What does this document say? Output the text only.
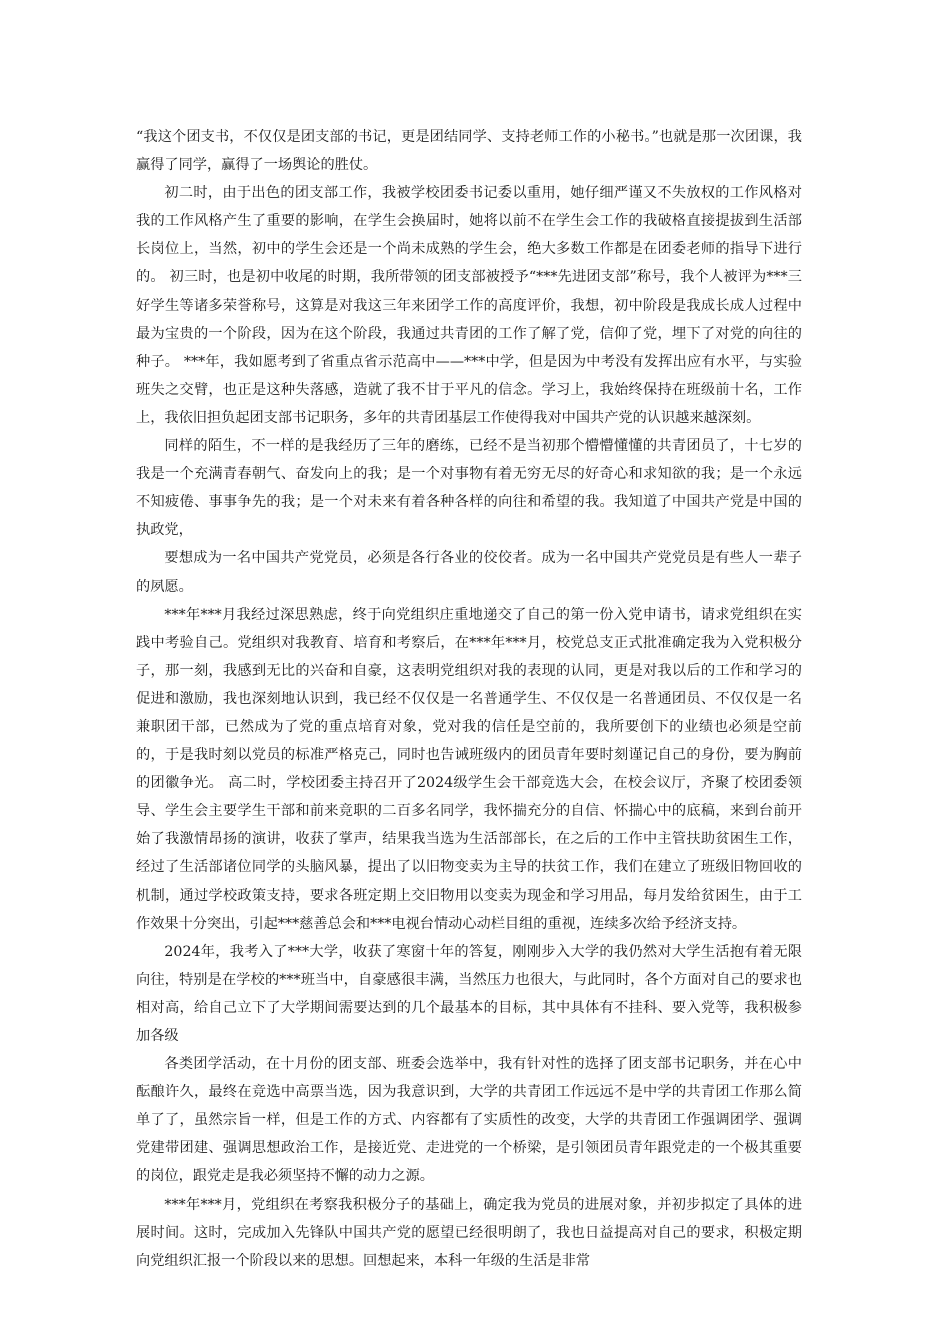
“我这个团支书，不仅仅是团支部的书记，更是团结同学、支持老师工作的小秘书。”也就是那一次团课，我赢得了同学，赢得了一场舆论的胜仗。

初二时，由于出色的团支部工作，我被学校团委书记委以重用，她仔细严谨又不失放权的工作风格对我的工作风格产生了重要的影响，在学生会换届时，她将以前不在学生会工作的我破格直接提拔到生活部长岗位上，当然，初中的学生会还是一个尚未成熟的学生会，绝大多数工作都是在团委老师的指导下进行的。 初三时，也是初中收尾的时期，我所带领的团支部被授予“***先进团支部”称号，我个人被评为***三好学生等诸多荣誉称号，这算是对我这三年来团学工作的高度评价，我想，初中阶段是我成长成人过程中最为宝贵的一个阶段，因为在这个阶段，我通过共青团的工作了解了党，信仰了党，埋下了对党的向往的种子。 ***年，我如愿考到了省重点省示范高中——***中学，但是因为中考没有发挥出应有水平，与实验班失之交臂，也正是这种失落感，造就了我不甘于平凡的信念。学习上，我始终保持在班级前十名，工作上，我依旧担负起团支部书记职务，多年的共青团基层工作使得我对中国共产党的认识越来越深刻。

同样的陌生，不一样的是我经历了三年的磨练，已经不是当初那个懵懵懂懂的共青团员了，十七岁的我是一个充满青春朝气、奋发向上的我；是一个对事物有着无穷无尽的好奇心和求知欲的我；是一个永远不知疲倦、事事争先的我；是一个对未来有着各种各样的向往和希望的我。我知道了中国共产党是中国的执政党，

要想成为一名中国共产党党员，必须是各行各业的佼佼者。成为一名中国共产党党员是有些人一辈子的夙愿。

***年***月我经过深思熟虑，终于向党组织庄重地递交了自己的第一份入党申请书，请求党组织在实践中考验自己。党组织对我教育、培育和考察后，在***年***月，校党总支正式批准确定我为入党积极分子，那一刻，我感到无比的兴奋和自豪，这表明党组织对我的表现的认同，更是对我以后的工作和学习的促进和激励，我也深刻地认识到，我已经不仅仅是一名普通学生、不仅仅是一名普通团员、不仅仅是一名兼职团干部，已然成为了党的重点培育对象，党对我的信任是空前的，我所要创下的业绩也必须是空前的，于是我时刻以党员的标准严格克己，同时也告诫班级内的团员青年要时刻谨记自己的身份，要为胸前的团徽争光。 高二时，学校团委主持召开了2024级学生会干部竞选大会，在校会议厅，齐聚了校团委领导、学生会主要学生干部和前来竞职的二百多名同学，我怀揣充分的自信、怀揣心中的底稿，来到台前开始了我激情昂扬的演讲，收获了掌声，结果我当选为生活部部长，在之后的工作中主管扶助贫困生工作，经过了生活部诸位同学的头脑风暴，提出了以旧物变卖为主导的扶贫工作，我们在建立了班级旧物回收的机制，通过学校政策支持，要求各班定期上交旧物用以变卖为现金和学习用品，每月发给贫困生，由于工作效果十分突出，引起***慈善总会和***电视台情动心动栏目组的重视，连续多次给予经济支持。

2024年，我考入了***大学，收获了寒窗十年的答复，刚刚步入大学的我仍然对大学生活抱有着无限向往，特别是在学校的***班当中，自豪感很丰满，当然压力也很大，与此同时，各个方面对自己的要求也相对高，给自己立下了大学期间需要达到的几个最基本的目标，其中具体有不挂科、要入党等，我积极参加各级

各类团学活动，在十月份的团支部、班委会选举中，我有针对性的选择了团支部书记职务，并在心中酝酿许久，最终在竞选中高票当选，因为我意识到，大学的共青团工作远远不是中学的共青团工作那么简单了了，虽然宗旨一样，但是工作的方式、内容都有了实质性的改变，大学的共青团工作强调团学、强调党建带团建、强调思想政治工作，是接近党、走进党的一个桥梁，是引领团员青年跟党走的一个极其重要的岗位，跟党走是我必须坚持不懈的动力之源。

***年***月，党组织在考察我积极分子的基础上，确定我为党员的进展对象，并初步拟定了具体的进展时间。这时，完成加入先锋队中国共产党的愿望已经很明朗了，我也日益提高对自己的要求，积极定期向党组织汇报一个阶段以来的思想。回想起来，本科一年级的生活是非常
